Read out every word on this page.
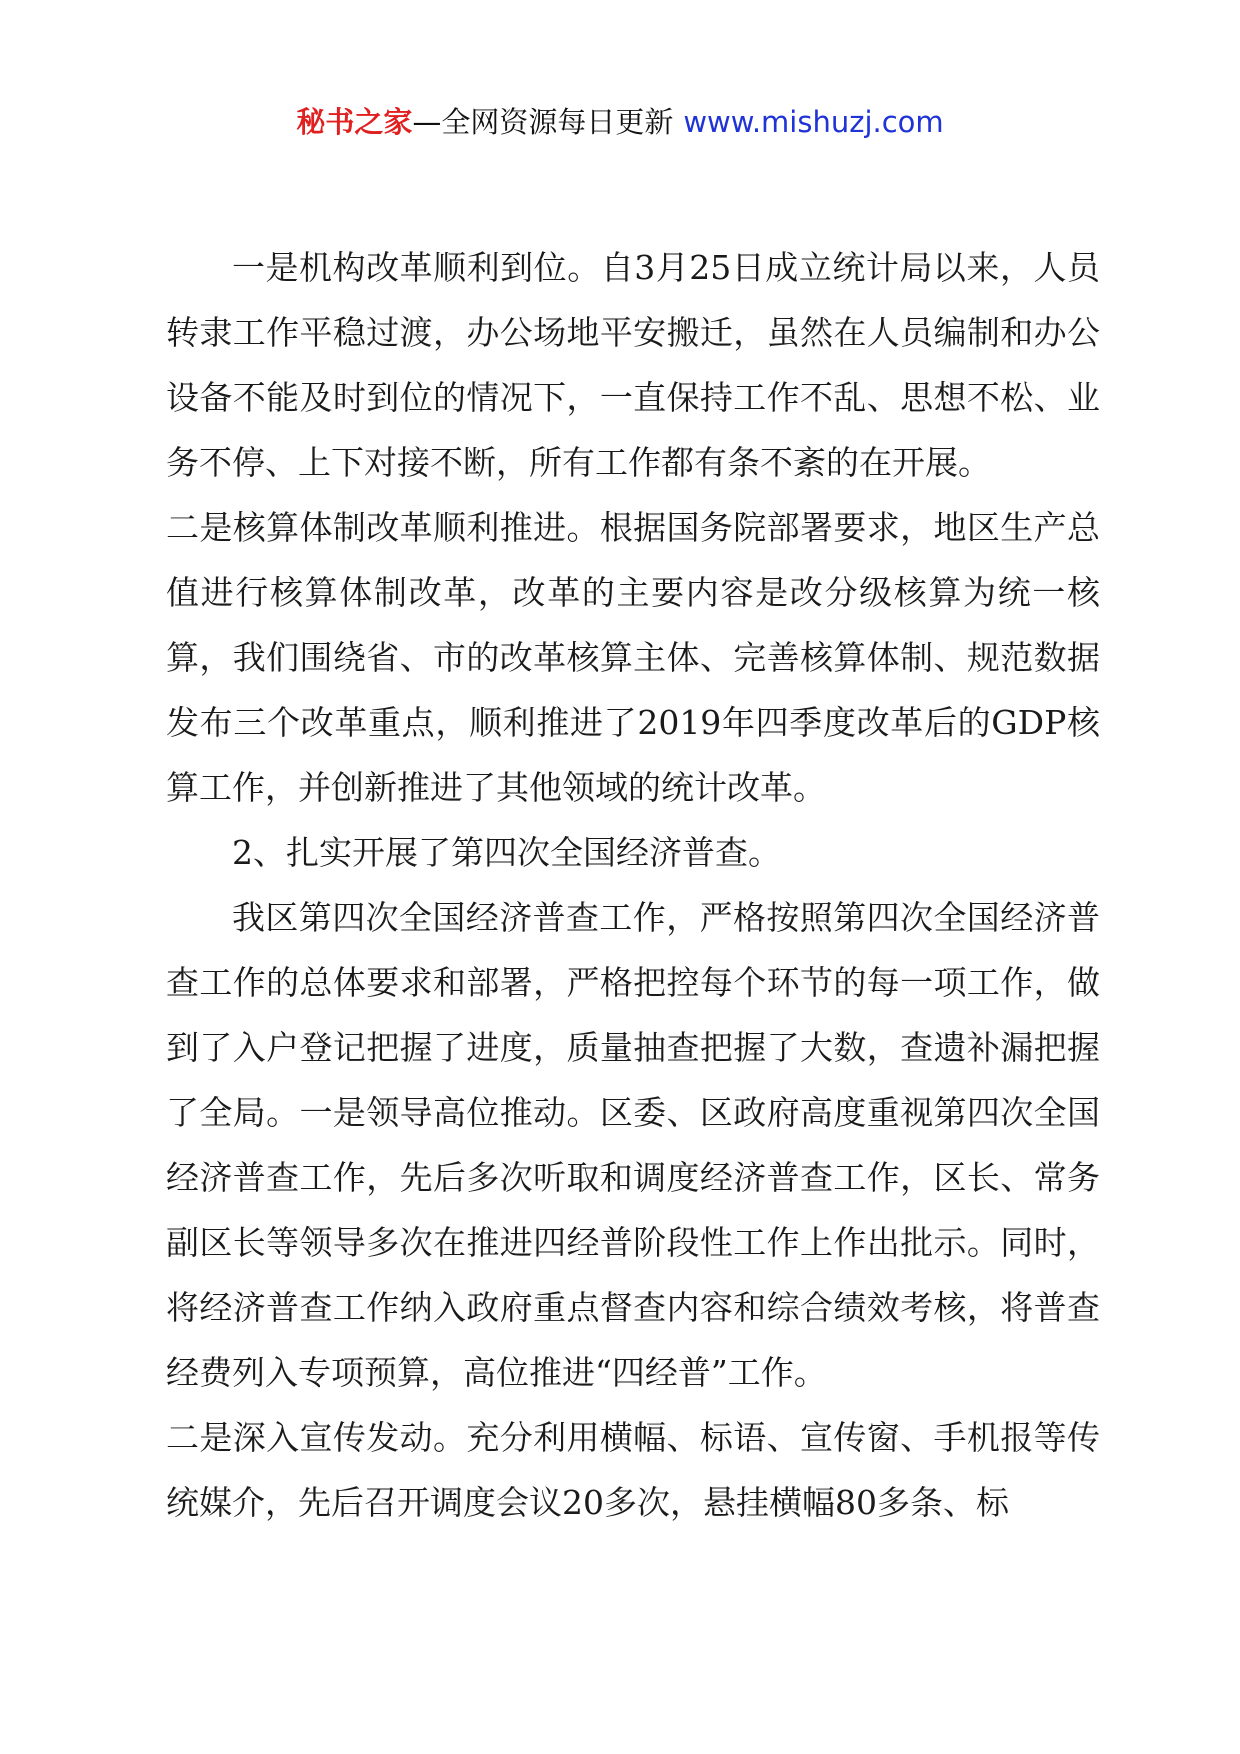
秘书之家—全网资源每日更新 www.mishuzj.com

一是机构改革顺利到位。自3月25日成立统计局以来，人员转隶工作平稳过渡，办公场地平安搬迁，虽然在人员编制和办公设备不能及时到位的情况下，一直保持工作不乱、思想不松、业务不停、上下对接不断，所有工作都有条不紊的在开展。

二是核算体制改革顺利推进。根据国务院部署要求，地区生产总值进行核算体制改革，改革的主要内容是改分级核算为统一核算，我们围绕省、市的改革核算主体、完善核算体制、规范数据发布三个改革重点，顺利推进了2019年四季度改革后的GDP核算工作，并创新推进了其他领域的统计改革。

2、扎实开展了第四次全国经济普查。

我区第四次全国经济普查工作，严格按照第四次全国经济普查工作的总体要求和部署，严格把控每个环节的每一项工作，做到了入户登记把握了进度，质量抽查把握了大数，查遗补漏把握了全局。一是领导高位推动。区委、区政府高度重视第四次全国经济普查工作，先后多次听取和调度经济普查工作，区长、常务副区长等领导多次在推进四经普阶段性工作上作出批示。同时，将经济普查工作纳入政府重点督查内容和综合绩效考核，将普查经费列入专项预算，高位推进“四经普”工作。

二是深入宣传发动。充分利用横幅、标语、宣传窗、手机报等传统媒介，先后召开调度会议20多次，悬挂横幅80多条、标
